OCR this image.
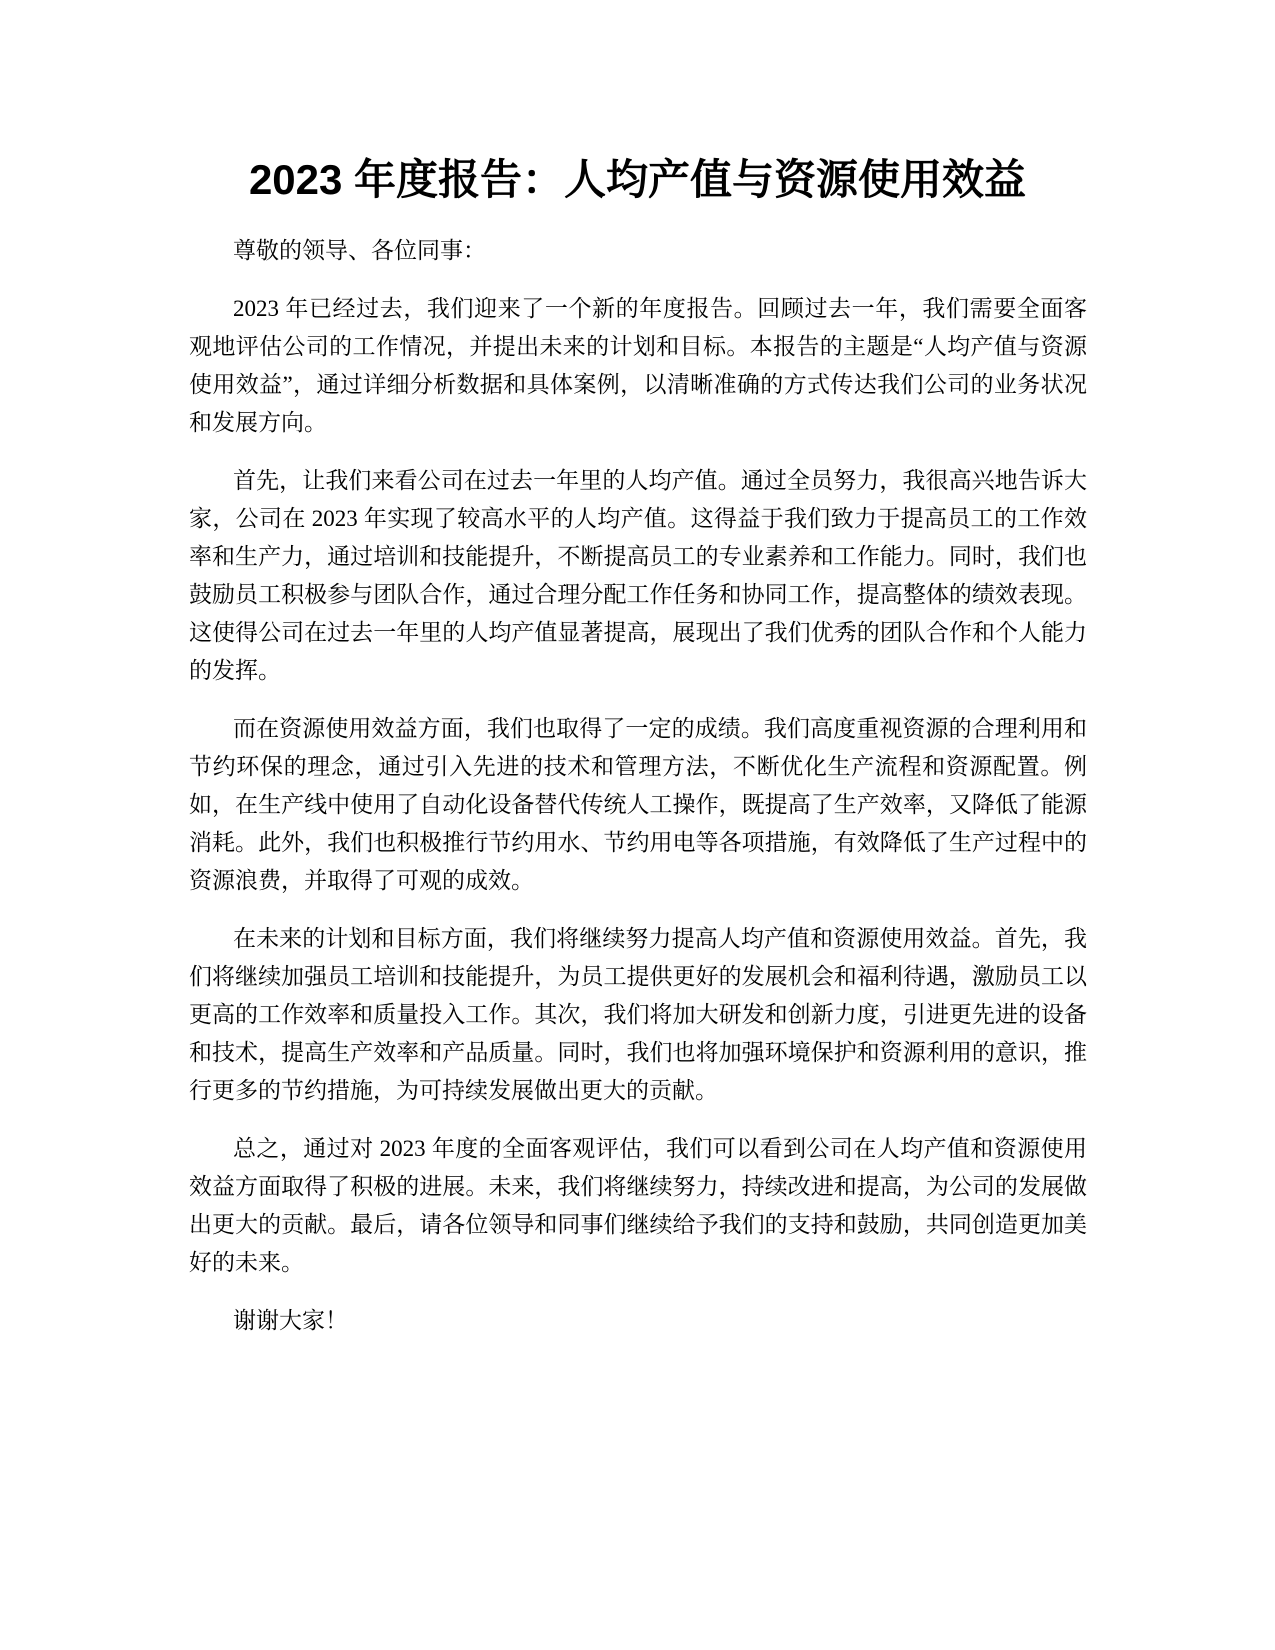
2023 年度报告：人均产值与资源使用效益

尊敬的领导、各位同事：

2023 年已经过去，我们迎来了一个新的年度报告。回顾过去一年，我们需要全面客观地评估公司的工作情况，并提出未来的计划和目标。本报告的主题是“人均产值与资源使用效益”，通过详细分析数据和具体案例，以清晰准确的方式传达我们公司的业务状况和发展方向。

首先，让我们来看公司在过去一年里的人均产值。通过全员努力，我很高兴地告诉大家，公司在 2023 年实现了较高水平的人均产值。这得益于我们致力于提高员工的工作效率和生产力，通过培训和技能提升，不断提高员工的专业素养和工作能力。同时，我们也鼓励员工积极参与团队合作，通过合理分配工作任务和协同工作，提高整体的绩效表现。这使得公司在过去一年里的人均产值显著提高，展现出了我们优秀的团队合作和个人能力的发挥。

而在资源使用效益方面，我们也取得了一定的成绩。我们高度重视资源的合理利用和节约环保的理念，通过引入先进的技术和管理方法，不断优化生产流程和资源配置。例如，在生产线中使用了自动化设备替代传统人工操作，既提高了生产效率，又降低了能源消耗。此外，我们也积极推行节约用水、节约用电等各项措施，有效降低了生产过程中的资源浪费，并取得了可观的成效。

在未来的计划和目标方面，我们将继续努力提高人均产值和资源使用效益。首先，我们将继续加强员工培训和技能提升，为员工提供更好的发展机会和福利待遇，激励员工以更高的工作效率和质量投入工作。其次，我们将加大研发和创新力度，引进更先进的设备和技术，提高生产效率和产品质量。同时，我们也将加强环境保护和资源利用的意识，推行更多的节约措施，为可持续发展做出更大的贡献。

总之，通过对 2023 年度的全面客观评估，我们可以看到公司在人均产值和资源使用效益方面取得了积极的进展。未来，我们将继续努力，持续改进和提高，为公司的发展做出更大的贡献。最后，请各位领导和同事们继续给予我们的支持和鼓励，共同创造更加美好的未来。

谢谢大家！
